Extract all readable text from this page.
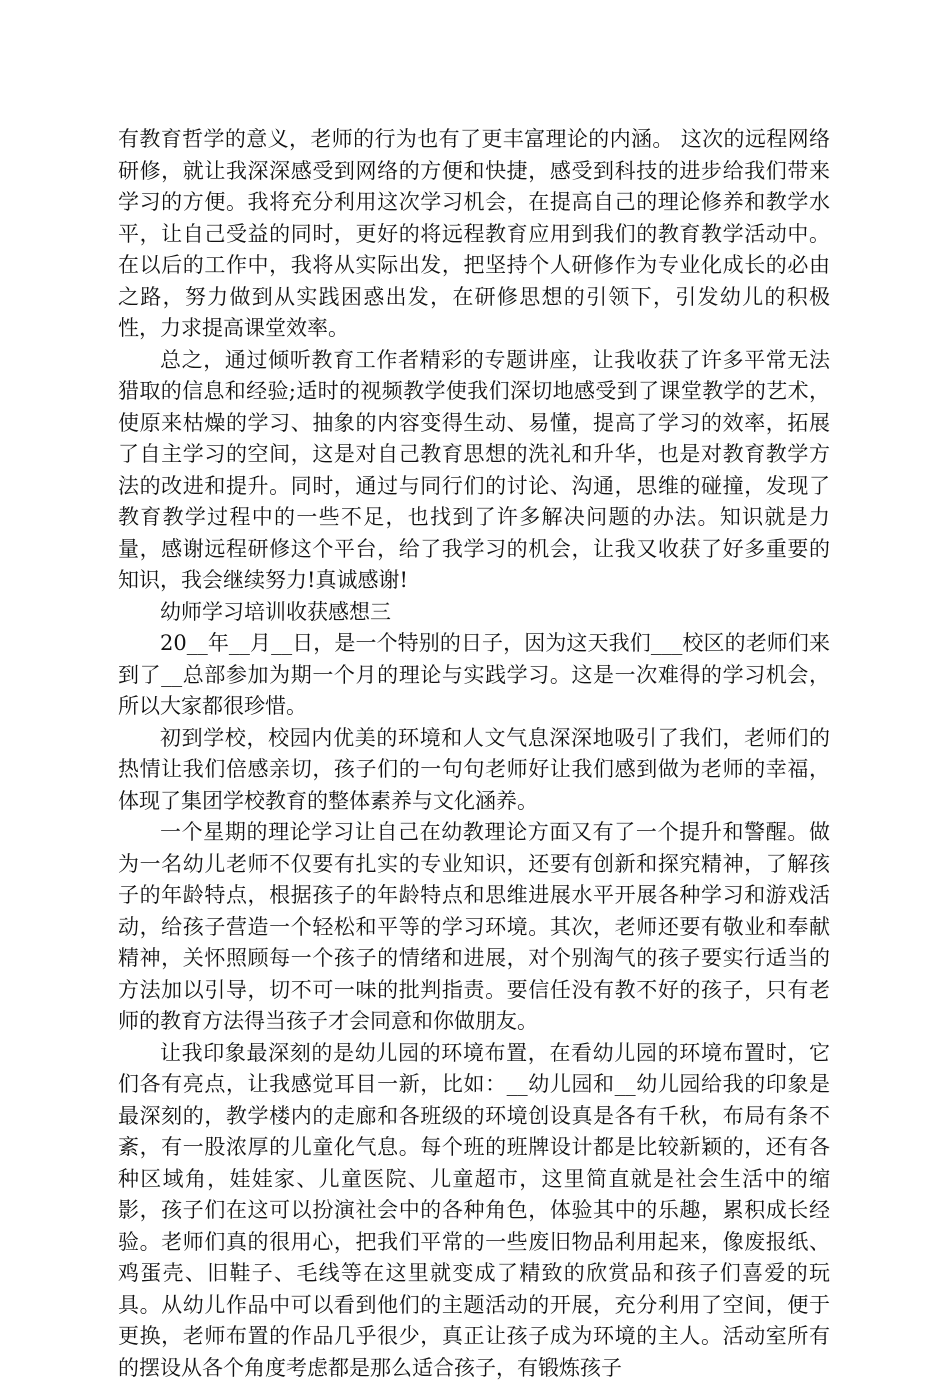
有教育哲学的意义，老师的行为也有了更丰富理论的内涵。 这次的远程网络研修，就让我深深感受到网络的方便和快捷，感受到科技的进步给我们带来学习的方便。我将充分利用这次学习机会，在提高自己的理论修养和教学水平，让自己受益的同时，更好的将远程教育应用到我们的教育教学活动中。在以后的工作中，我将从实际出发，把坚持个人研修作为专业化成长的必由之路，努力做到从实践困惑出发，在研修思想的引领下，引发幼儿的积极性，力求提高课堂效率。

总之，通过倾听教育工作者精彩的专题讲座，让我收获了许多平常无法猎取的信息和经验;适时的视频教学使我们深切地感受到了课堂教学的艺术，使原来枯燥的学习、抽象的内容变得生动、易懂，提高了学习的效率，拓展了自主学习的空间，这是对自己教育思想的洗礼和升华，也是对教育教学方法的改进和提升。同时，通过与同行们的讨论、沟通，思维的碰撞，发现了教育教学过程中的一些不足，也找到了许多解决问题的办法。知识就是力量，感谢远程研修这个平台，给了我学习的机会，让我又收获了好多重要的知识，我会继续努力!真诚感谢!

幼师学习培训收获感想三

20__年__月__日，是一个特别的日子，因为这天我们___校区的老师们来到了__总部参加为期一个月的理论与实践学习。这是一次难得的学习机会，所以大家都很珍惜。

初到学校，校园内优美的环境和人文气息深深地吸引了我们，老师们的热情让我们倍感亲切，孩子们的一句句老师好让我们感到做为老师的幸福，体现了集团学校教育的整体素养与文化涵养。

一个星期的理论学习让自己在幼教理论方面又有了一个提升和警醒。做为一名幼儿老师不仅要有扎实的专业知识，还要有创新和探究精神，了解孩子的年龄特点，根据孩子的年龄特点和思维进展水平开展各种学习和游戏活动，给孩子营造一个轻松和平等的学习环境。其次，老师还要有敬业和奉献精神，关怀照顾每一个孩子的情绪和进展，对个别淘气的孩子要实行适当的方法加以引导，切不可一味的批判指责。要信任没有教不好的孩子，只有老师的教育方法得当孩子才会同意和你做朋友。

让我印象最深刻的是幼儿园的环境布置，在看幼儿园的环境布置时，它们各有亮点，让我感觉耳目一新，比如：__幼儿园和__幼儿园给我的印象是最深刻的，教学楼内的走廊和各班级的环境创设真是各有千秋，布局有条不紊，有一股浓厚的儿童化气息。每个班的班牌设计都是比较新颖的，还有各种区域角，娃娃家、儿童医院、儿童超市，这里简直就是社会生活中的缩影，孩子们在这可以扮演社会中的各种角色，体验其中的乐趣，累积成长经验。老师们真的很用心，把我们平常的一些废旧物品利用起来，像废报纸、鸡蛋壳、旧鞋子、毛线等在这里就变成了精致的欣赏品和孩子们喜爱的玩具。从幼儿作品中可以看到他们的主题活动的开展，充分利用了空间，便于更换，老师布置的作品几乎很少，真正让孩子成为环境的主人。活动室所有的摆设从各个角度考虑都是那么适合孩子，有锻炼孩子
